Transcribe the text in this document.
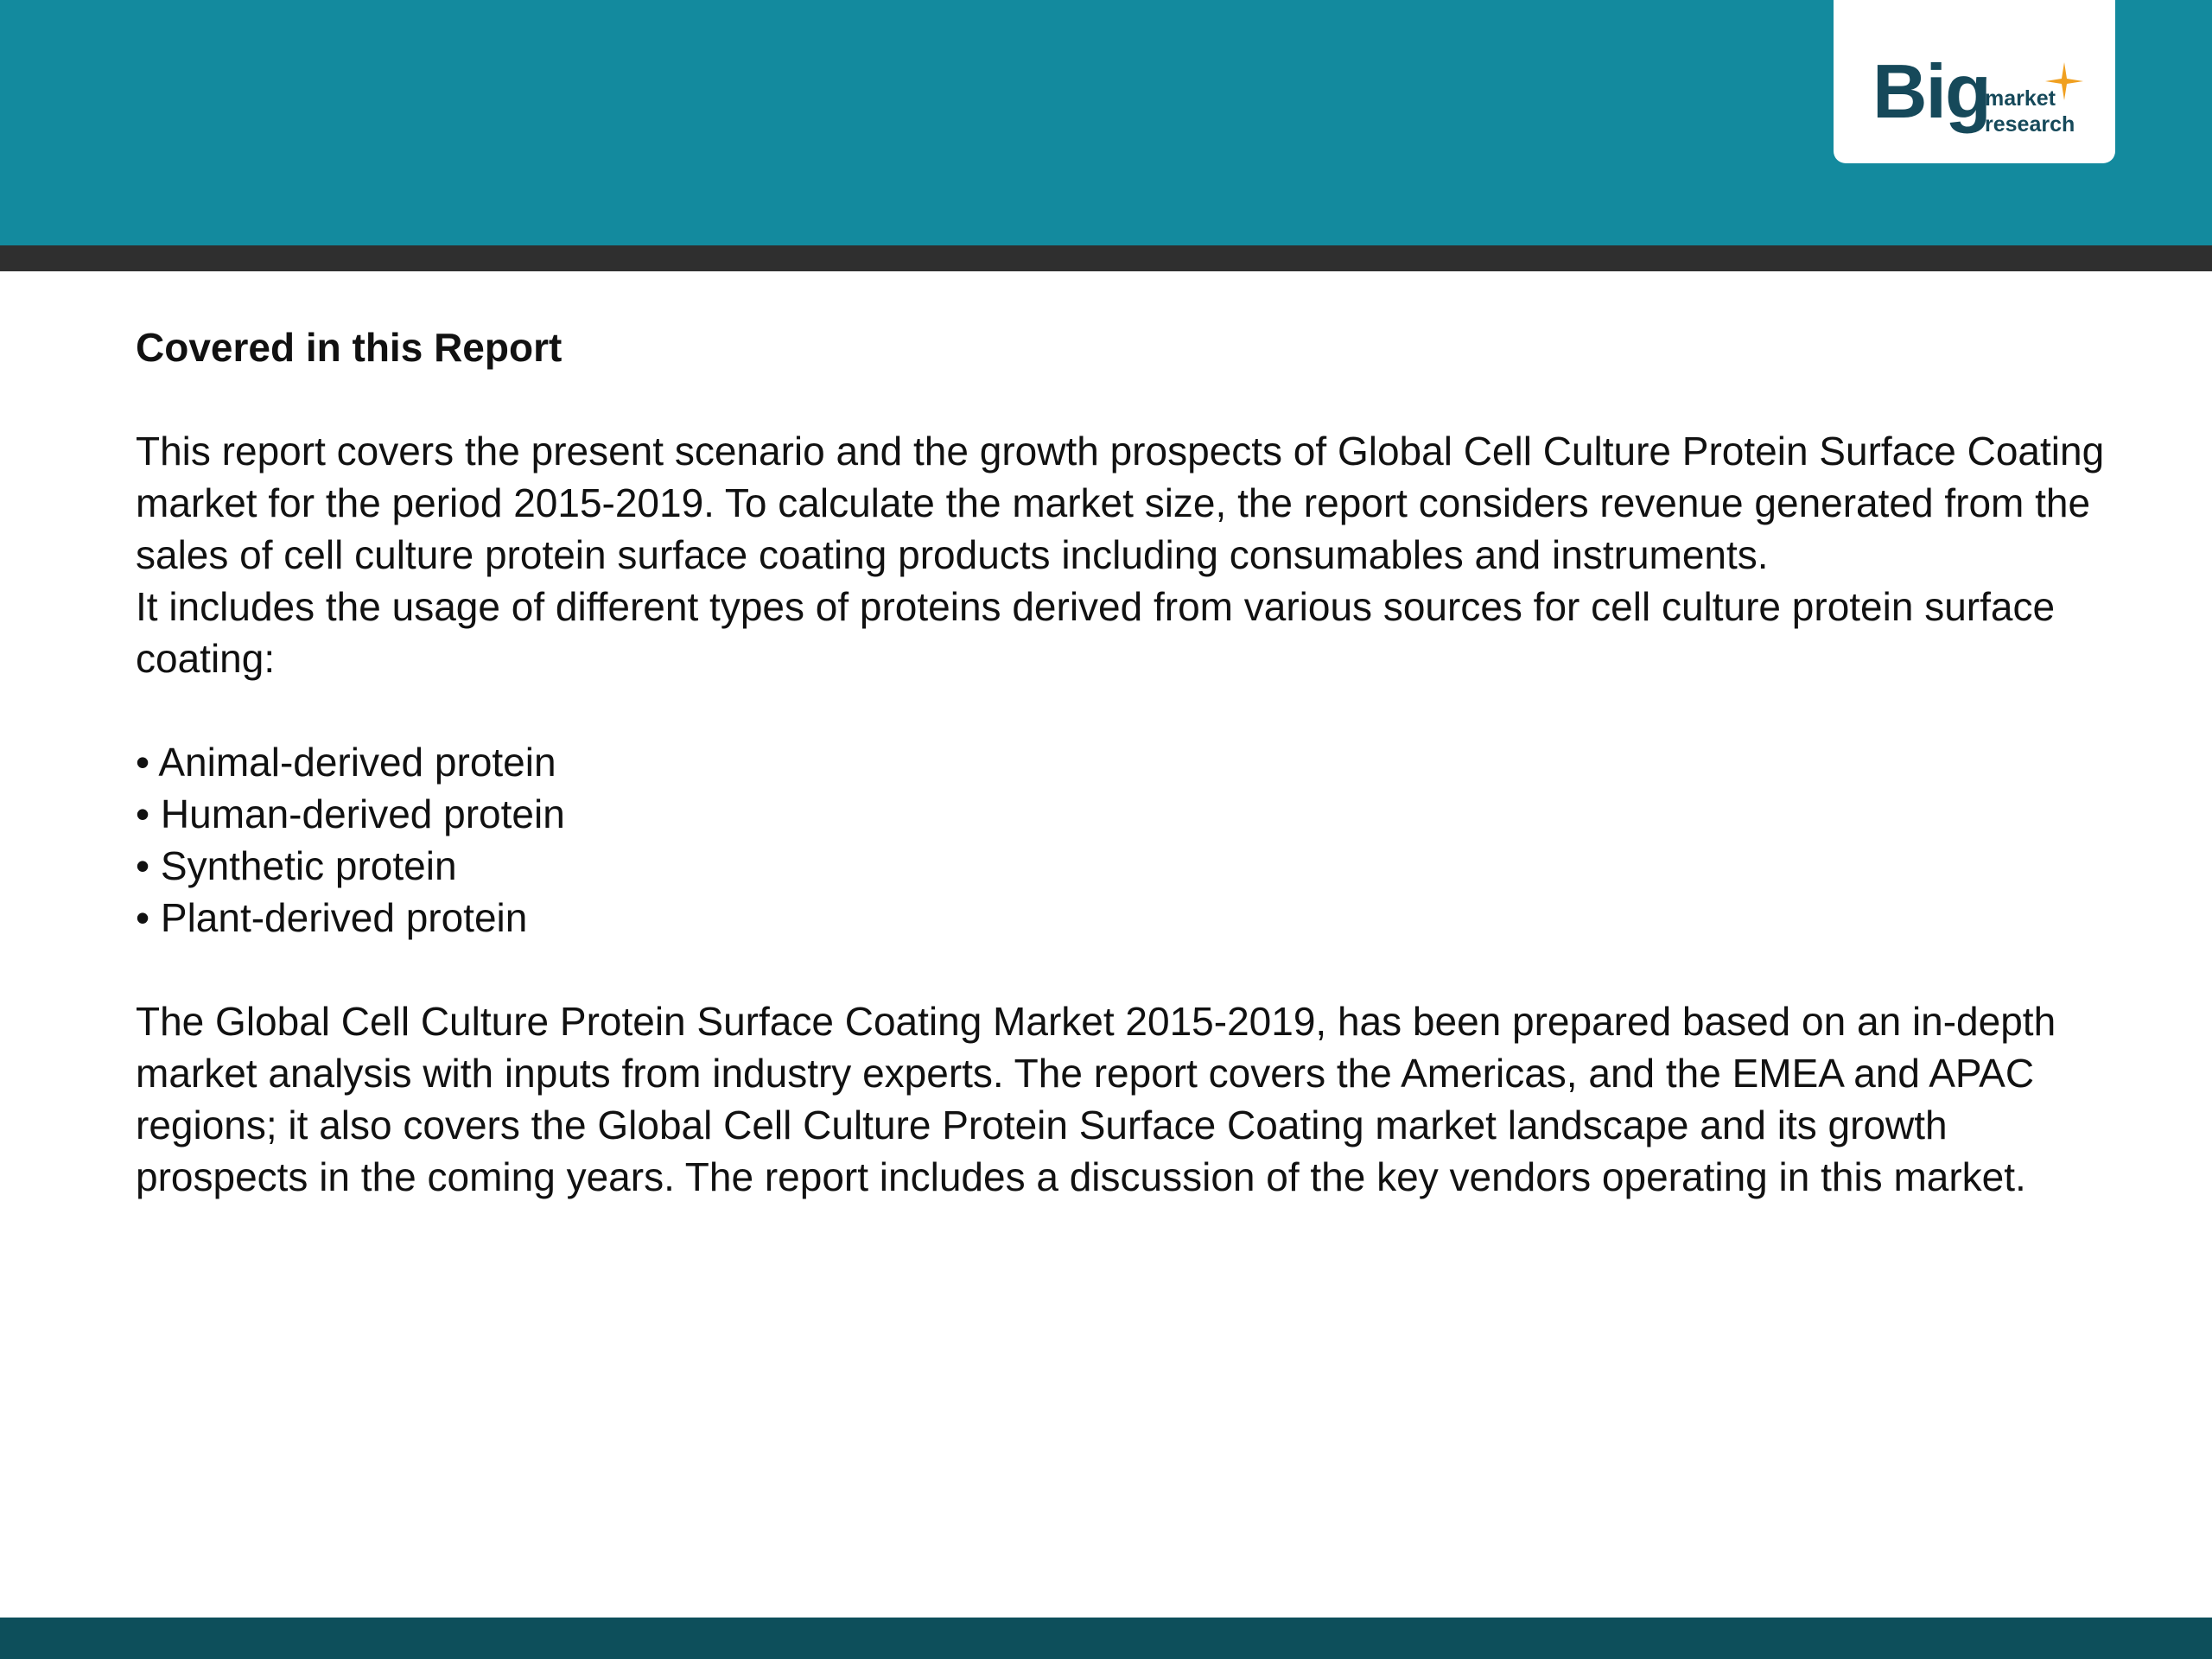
Big
market
research

Covered in this Report

This report covers the present scenario and the growth prospects of Global Cell Culture Protein Surface Coating market for the period 2015-2019. To calculate the market size, the report considers revenue generated from the sales of cell culture protein surface coating products including consumables and instruments.

It includes the usage of different types of proteins derived from various sources for cell culture protein surface coating:

• Animal-derived protein
• Human-derived protein
• Synthetic protein
• Plant-derived protein

The Global Cell Culture Protein Surface Coating Market 2015-2019, has been prepared based on an in-depth market analysis with inputs from industry experts. The report covers the Americas, and the EMEA and APAC regions; it also covers the Global Cell Culture Protein Surface Coating market landscape and its growth prospects in the coming years. The report includes a discussion of the key vendors operating in this market.
